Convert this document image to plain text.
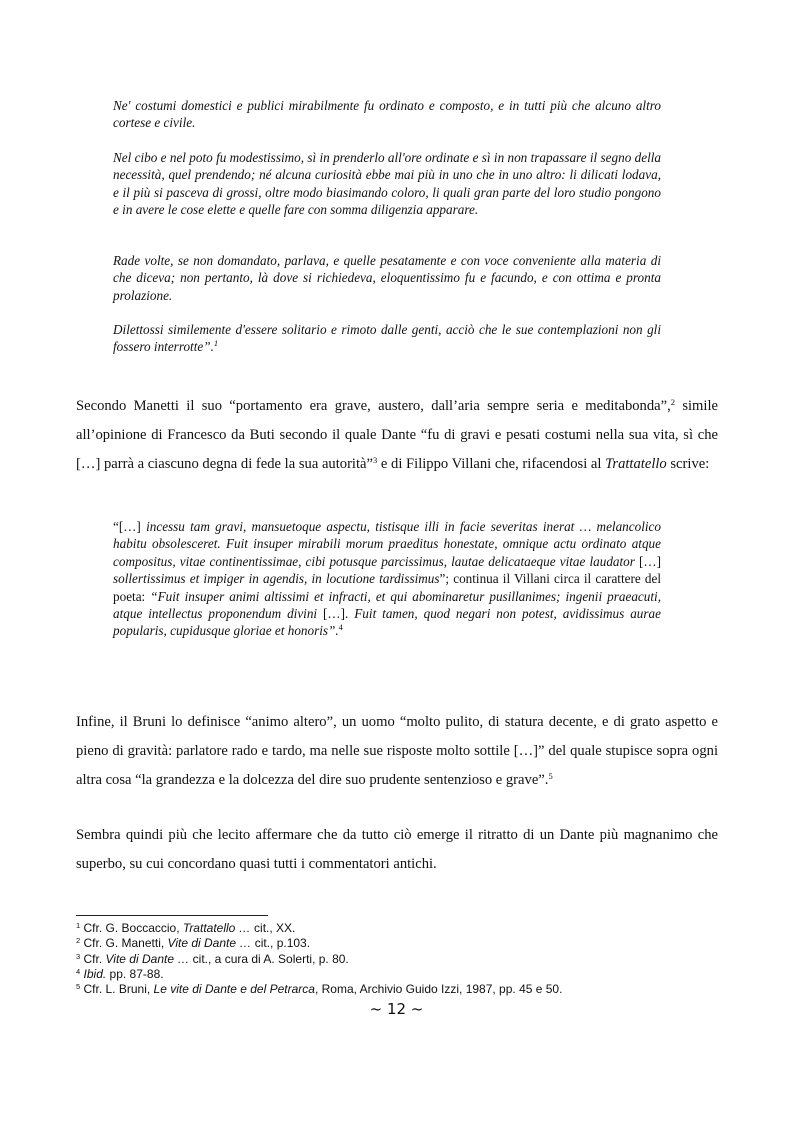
Ne' costumi domestici e publici mirabilmente fu ordinato e composto, e in tutti più che alcuno altro cortese e civile.

Nel cibo e nel poto fu modestissimo, sì in prenderlo all'ore ordinate e sì in non trapassare il segno della necessità, quel prendendo; né alcuna curiosità ebbe mai più in uno che in uno altro: li dilicati lodava, e il più si pasceva di grossi, oltre modo biasimando coloro, li quali gran parte del loro studio pongono e in avere le cose elette e quelle fare con somma diligenzia apparare.

Rade volte, se non domandato, parlava, e quelle pesatamente e con voce conveniente alla materia di che diceva; non pertanto, là dove si richiedeva, eloquentissimo fu e facundo, e con ottima e pronta prolazione.

Dilettossi similemente d'essere solitario e rimoto dalle genti, acciò che le sue contemplazioni non gli fossero interrotte”.$^1$

Secondo Manetti il suo “portamento era grave, austero, dall’aria sempre seria e meditabonda”,$^2$ simile all’opinione di Francesco da Buti secondo il quale Dante “fu di gravi e pesati costumi nella sua vita, sì che […] parrà a ciascuno degna di fede la sua autorità”$^3$ e di Filippo Villani che, rifacendosi al Trattatello scrive:

“[…] incessu tam gravi, mansuetoque aspectu, tistisque illi in facie severitas inerat … melancolico habitu obsolesceret. Fuit insuper mirabili morum praeditus honestate, omnique actu ordinato atque compositus, vitae continentissimae, cibi potusque parcissimus, lautae delicataeque vitae laudator […] sollertissimus et impiger in agendis, in locutione tardissimus”; continua il Villani circa il carattere del poeta: “Fuit insuper animi altissimi et infracti, et qui abominaretur pusillanimes; ingenii praeacuti, atque intellectus proponendum divini […]. Fuit tamen, quod negari non potest, avidissimus aurae popularis, cupidusque gloriae et honoris”.$^4$

Infine, il Bruni lo definisce “animo altero”, un uomo “molto pulito, di statura decente, e di grato aspetto e pieno di gravità: parlatore rado e tardo, ma nelle sue risposte molto sottile […]” del quale stupisce sopra ogni altra cosa “la grandezza e la dolcezza del dire suo prudente sentenzioso e grave”.$^5$

Sembra quindi più che lecito affermare che da tutto ciò emerge il ritratto di un Dante più magnanimo che superbo, su cui concordano quasi tutti i commentatori antichi.

$^1$ Cfr. G. Boccaccio, Trattatello … cit., XX.

$^2$ Cfr. G. Manetti, Vite di Dante … cit., p.103.

$^3$ Cfr. Vite di Dante … cit., a cura di A. Solerti, p. 80.

$^4$ Ibid. pp. 87-88.

$^5$ Cfr. L. Bruni, Le vite di Dante e del Petrarca, Roma, Archivio Guido Izzi, 1987, pp. 45 e 50.

~ 12 ~
